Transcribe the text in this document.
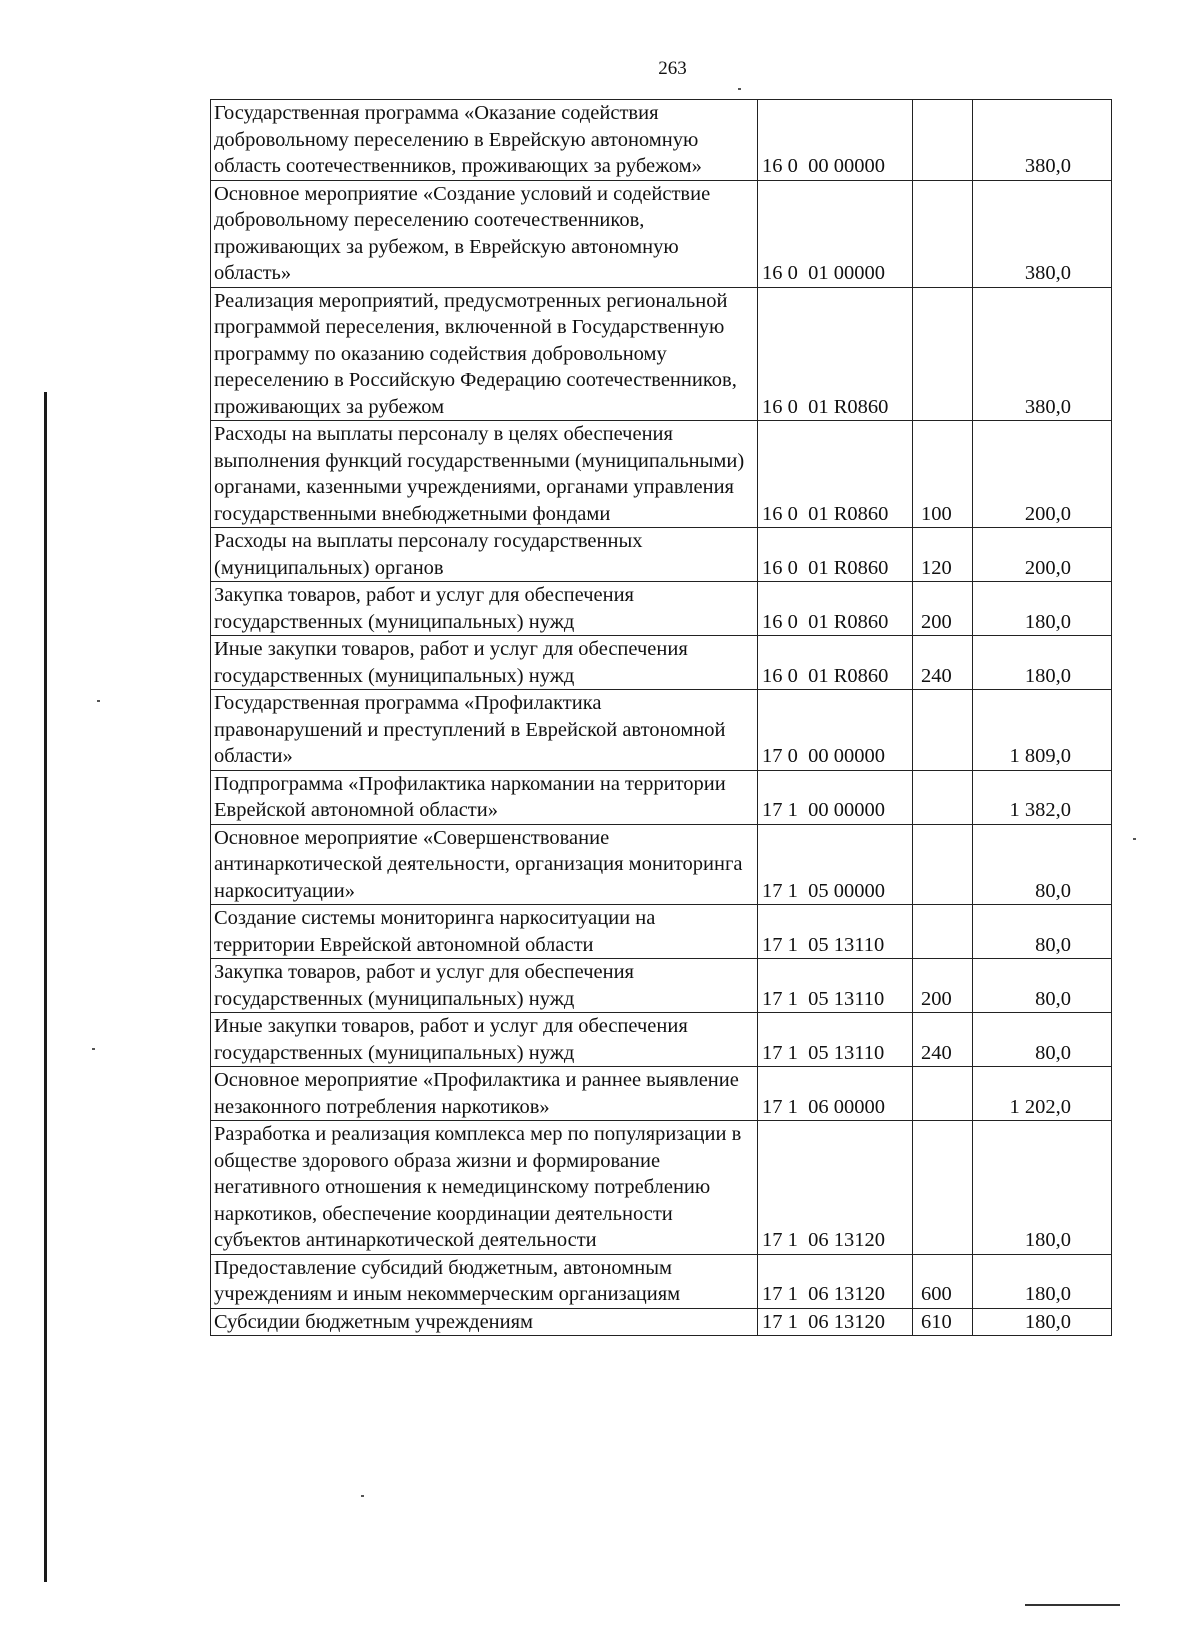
263
Государственная программа «Оказание содействия добровольному переселению в Еврейскую автономную область соотечественников, проживающих за рубежом»	16 0  00 00000		380,0
Основное мероприятие «Создание условий и содействие добровольному переселению соотечественников, проживающих за рубежом, в Еврейскую автономную область»	16 0  01 00000		380,0
Реализация мероприятий, предусмотренных региональной программой переселения, включенной в Государственную программу по оказанию содействия добровольному переселению в Российскую Федерацию соотечественников, проживающих за рубежом	16 0  01 R0860		380,0
Расходы на выплаты персоналу в целях обеспечения выполнения функций государственными (муниципальными) органами, казенными учреждениями, органами управления государственными внебюджетными фондами	16 0  01 R0860	100	200,0
Расходы на выплаты персоналу государственных (муниципальных) органов	16 0  01 R0860	120	200,0
Закупка товаров, работ и услуг для обеспечения государственных (муниципальных) нужд	16 0  01 R0860	200	180,0
Иные закупки товаров, работ и услуг для обеспечения государственных (муниципальных) нужд	16 0  01 R0860	240	180,0
Государственная программа «Профилактика правонарушений и преступлений в Еврейской автономной области»	17 0  00 00000		1 809,0
Подпрограмма «Профилактика наркомании на территории Еврейской автономной области»	17 1  00 00000		1 382,0
Основное мероприятие «Совершенствование антинаркотической деятельности, организация мониторинга наркоситуации»	17 1  05 00000		80,0
Создание системы мониторинга наркоситуации на территории Еврейской автономной области	17 1  05 13110		80,0
Закупка товаров, работ и услуг для обеспечения государственных (муниципальных) нужд	17 1  05 13110	200	80,0
Иные закупки товаров, работ и услуг для обеспечения государственных (муниципальных) нужд	17 1  05 13110	240	80,0
Основное мероприятие «Профилактика и раннее выявление незаконного потребления наркотиков»	17 1  06 00000		1 202,0
Разработка и реализация комплекса мер по популяризации в обществе здорового образа жизни и формирование негативного отношения к немедицинскому потреблению наркотиков, обеспечение координации деятельности субъектов антинаркотической деятельности	17 1  06 13120		180,0
Предоставление субсидий бюджетным, автономным учреждениям и иным некоммерческим организациям	17 1  06 13120	600	180,0
Субсидии бюджетным учреждениям	17 1  06 13120	610	180,0
